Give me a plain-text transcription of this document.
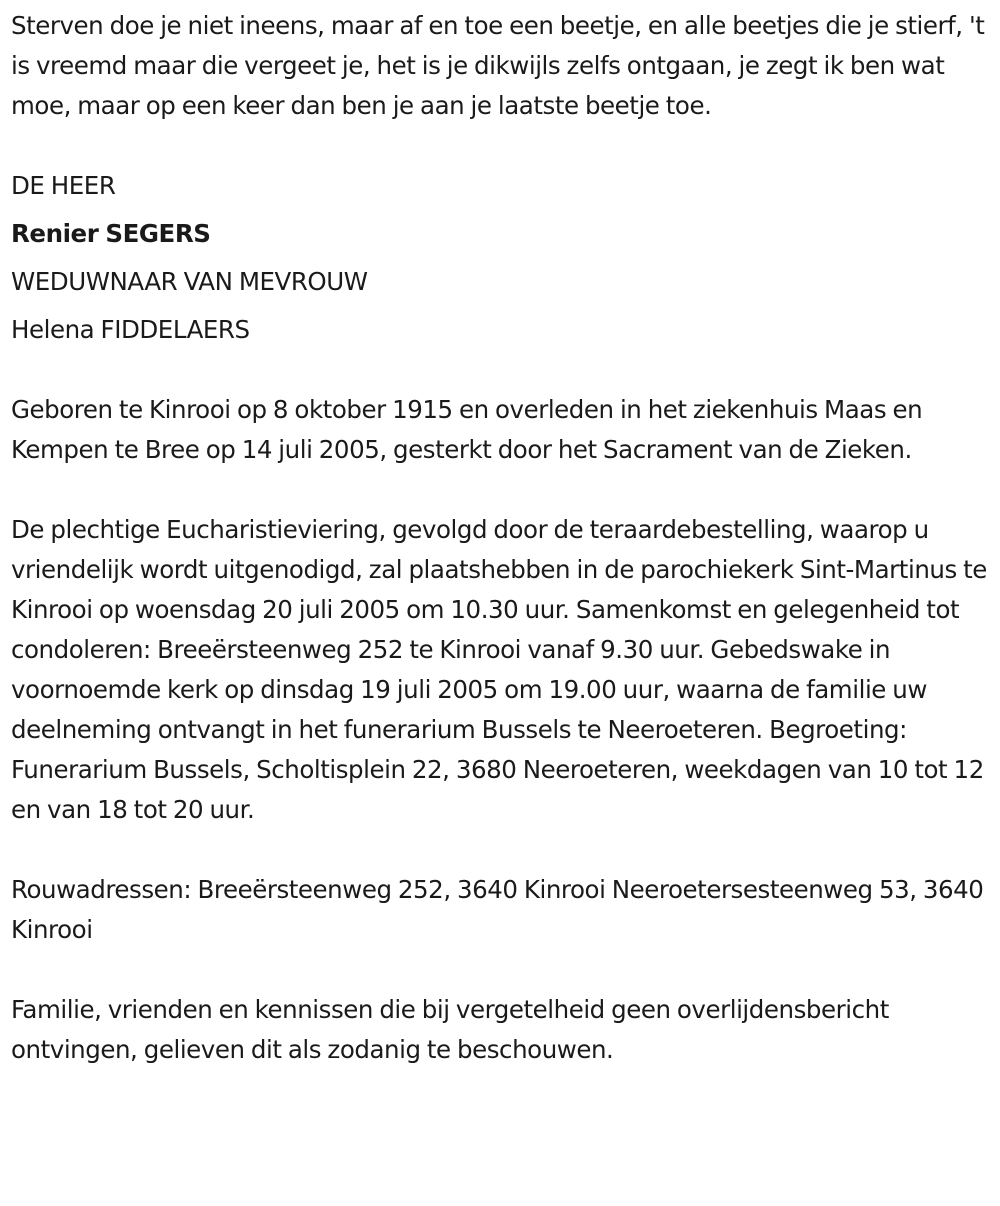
Sterven doe je niet ineens, maar af en toe een beetje, en alle beetjes die je stierf, 't is vreemd maar die vergeet je, het is je dikwijls zelfs ontgaan, je zegt ik ben wat moe, maar op een keer dan ben je aan je laatste beetje toe.

DE HEER

Renier SEGERS

WEDUWNAAR VAN MEVROUW

Helena FIDDELAERS

Geboren te Kinrooi op 8 oktober 1915 en overleden in het ziekenhuis Maas en Kempen te Bree op 14 juli 2005, gesterkt door het Sacrament van de Zieken.

De plechtige Eucharistieviering, gevolgd door de teraardebestelling, waarop u vriendelijk wordt uitgenodigd, zal plaatshebben in de parochiekerk Sint-Martinus te Kinrooi op woensdag 20 juli 2005 om 10.30 uur. Samenkomst en gelegenheid tot condoleren: Breeërsteenweg 252 te Kinrooi vanaf 9.30 uur. Gebedswake in voornoemde kerk op dinsdag 19 juli 2005 om 19.00 uur, waarna de familie uw deelneming ontvangt in het funerarium Bussels te Neeroeteren. Begroeting: Funerarium Bussels, Scholtisplein 22, 3680 Neeroeteren, weekdagen van 10 tot 12 en van 18 tot 20 uur.

Rouwadressen: Breeërsteenweg 252, 3640 Kinrooi Neeroetersesteenweg 53, 3640 Kinrooi

Familie, vrienden en kennissen die bij vergetelheid geen overlijdensbericht ontvingen, gelieven dit als zodanig te beschouwen.
